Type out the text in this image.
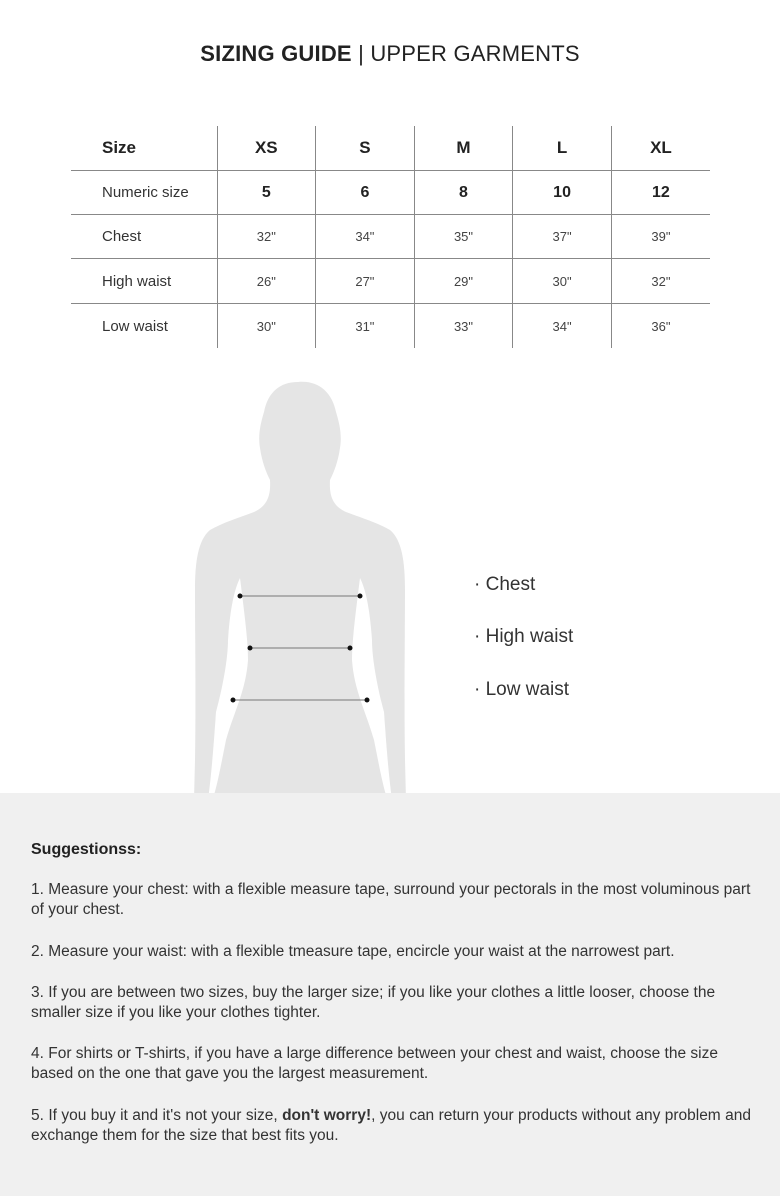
SIZING GUIDE | UPPER GARMENTS
Size	XS	S	M	L	XL
Numeric size	5	6	8	10	12
Chest	32"	34"	35"	37"	39"
High waist	26"	27"	29"	30"	32"
Low waist	30"	31"	33"	34"	36"
· Chest
· High waist
· Low waist
Suggestionss:

1. Measure your chest: with a flexible measure tape, surround your pectorals in the most voluminous part of your chest.

2. Measure your waist: with a flexible tmeasure tape, encircle your waist at the narrowest part.

3. If you are between two sizes, buy the larger size; if you like your clothes a little looser, choose the smaller size if you like your clothes tighter.

4. For shirts or T-shirts, if you have a large difference between your chest and waist, choose the size based on the one that gave you the largest measurement.

5. If you buy it and it's not your size, don't worry!, you can return your products without any problem and exchange them for the size that best fits you.
